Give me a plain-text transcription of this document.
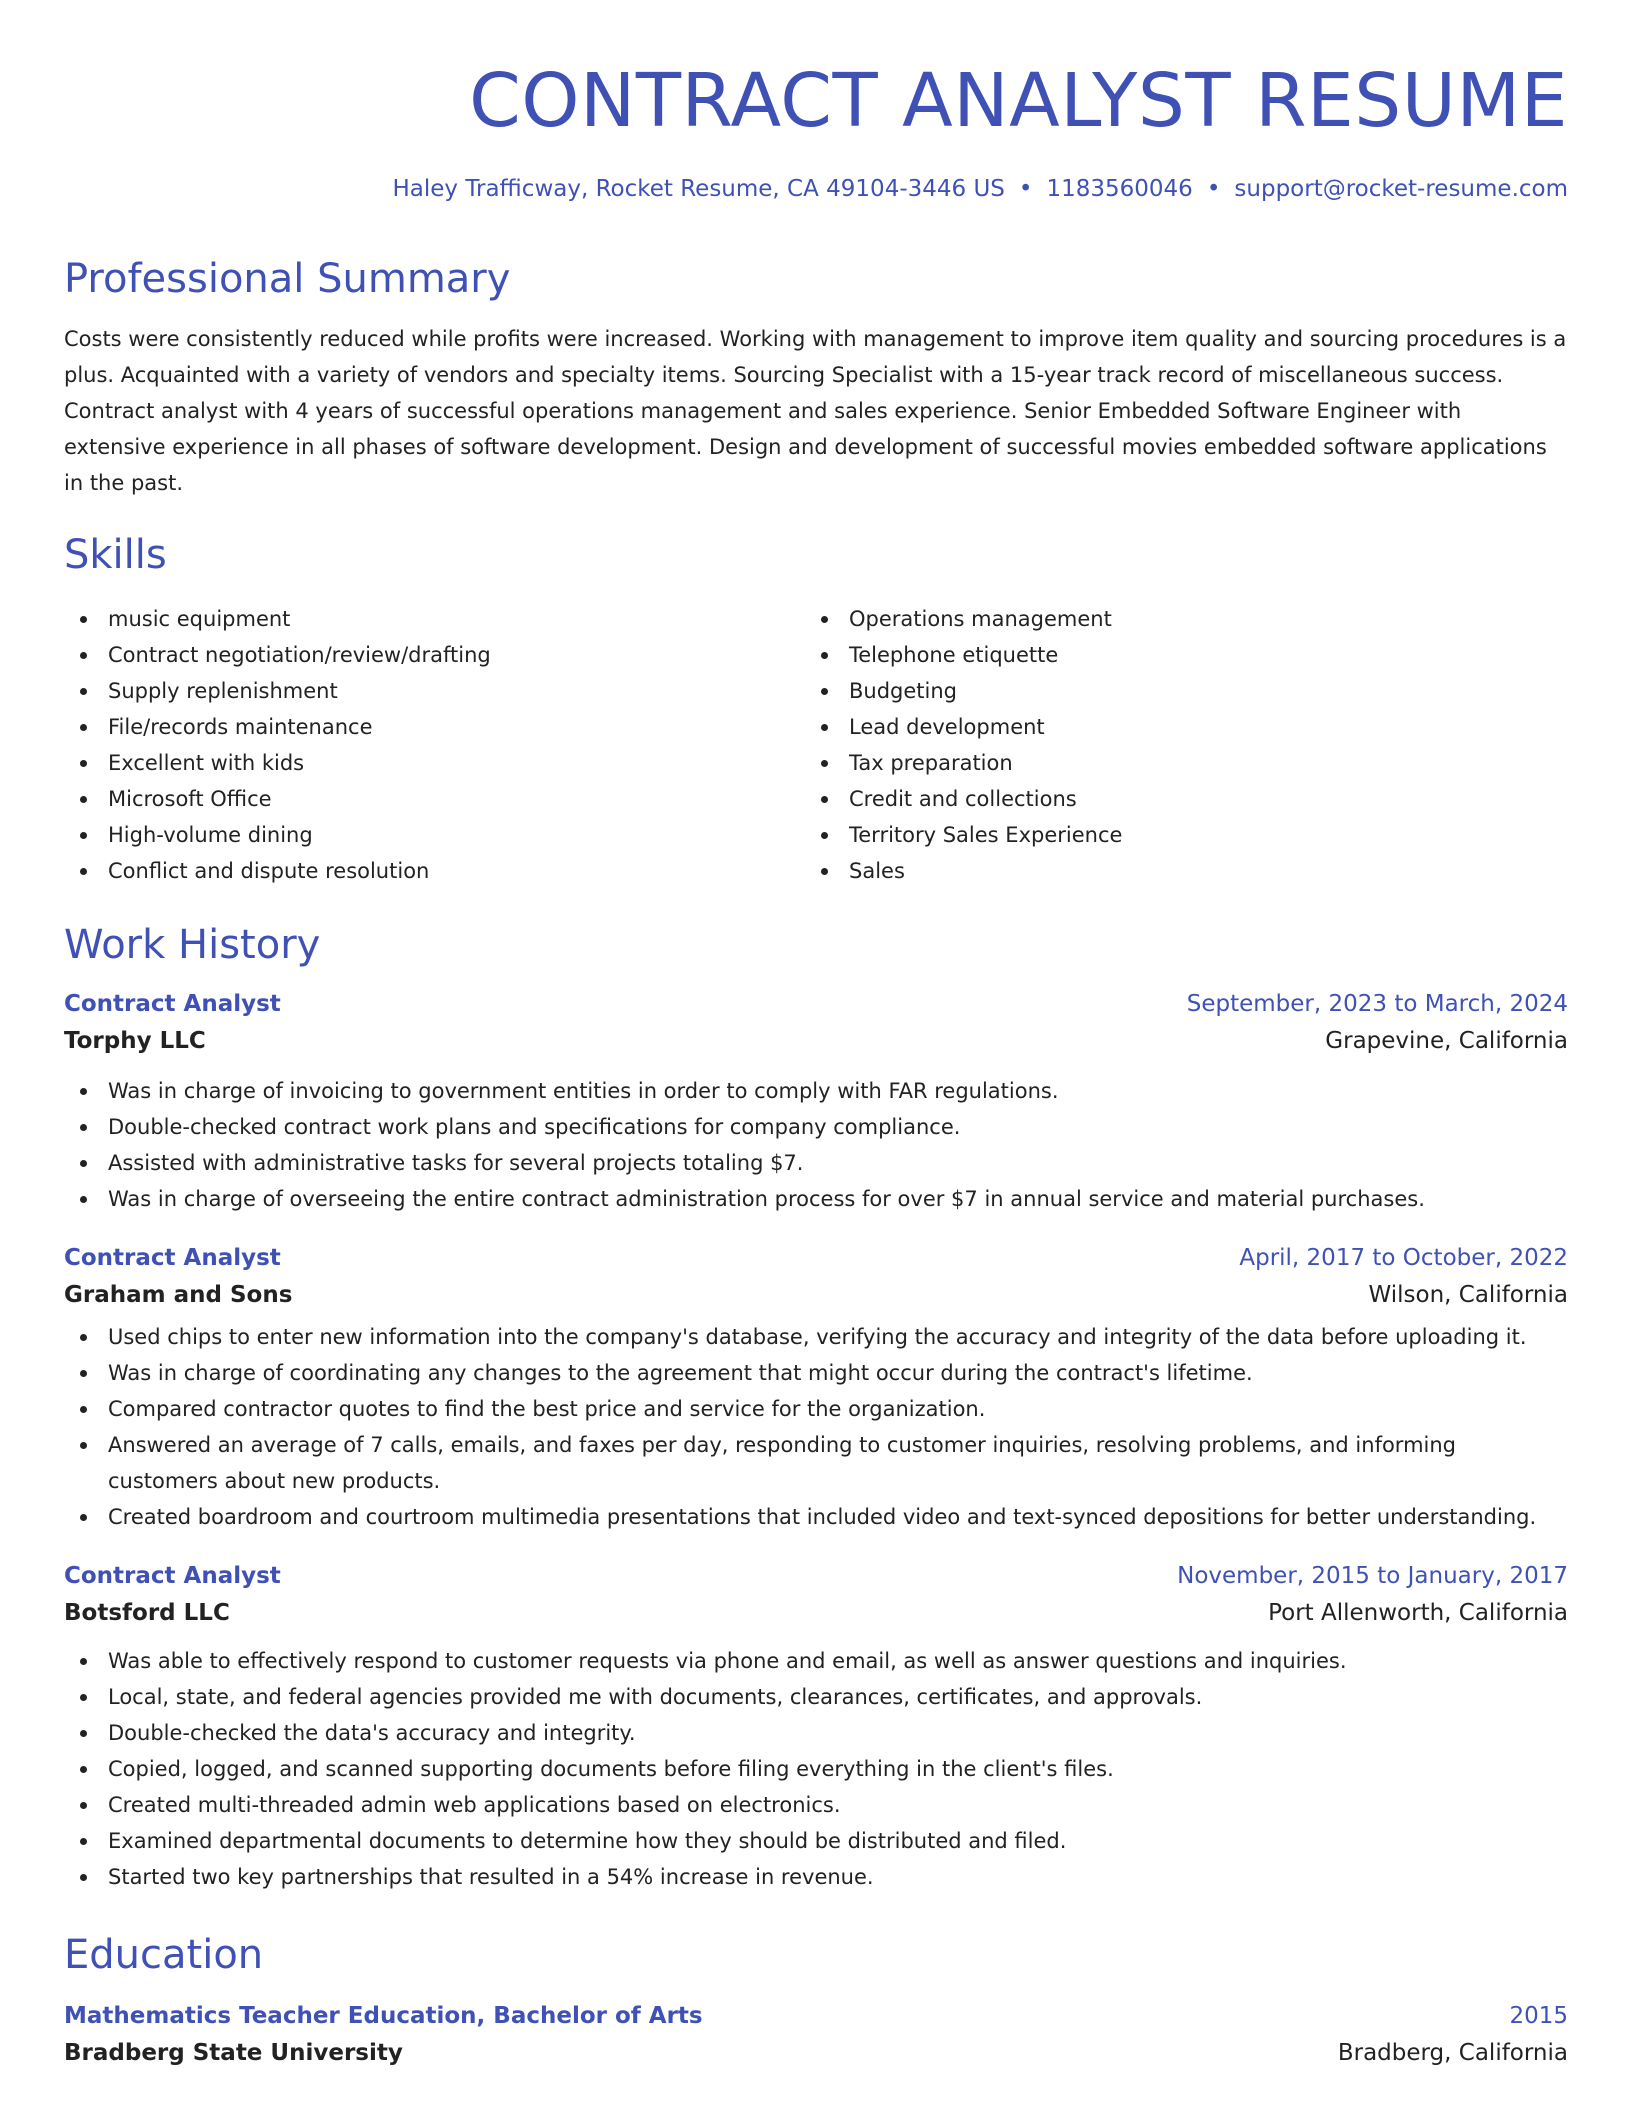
CONTRACT ANALYST RESUME
Haley Trafficway, Rocket Resume, CA 49104-3446 US • 1183560046 • support@rocket-resume.com
Professional Summary

Costs were consistently reduced while profits were increased. Working with management to improve item quality and sourcing procedures is a plus. Acquainted with a variety of vendors and specialty items. Sourcing Specialist with a 15-year track record of miscellaneous success. Contract analyst with 4 years of successful operations management and sales experience. Senior Embedded Software Engineer with extensive experience in all phases of software development. Design and development of successful movies embedded software applications in the past.

Skills
music equipment
Contract negotiation/review/drafting
Supply replenishment
File/records maintenance
Excellent with kids
Microsoft Office
High-volume dining
Conflict and dispute resolution
Operations management
Telephone etiquette
Budgeting
Lead development
Tax preparation
Credit and collections
Territory Sales Experience
Sales
Work History
Contract Analyst	September, 2023 to March, 2024
Torphy LLC	Grapevine, California
Was in charge of invoicing to government entities in order to comply with FAR regulations.
Double-checked contract work plans and specifications for company compliance.
Assisted with administrative tasks for several projects totaling $7.
Was in charge of overseeing the entire contract administration process for over $7 in annual service and material purchases.
Contract Analyst	April, 2017 to October, 2022
Graham and Sons	Wilson, California
Used chips to enter new information into the company's database, verifying the accuracy and integrity of the data before uploading it.
Was in charge of coordinating any changes to the agreement that might occur during the contract's lifetime.
Compared contractor quotes to find the best price and service for the organization.
Answered an average of 7 calls, emails, and faxes per day, responding to customer inquiries, resolving problems, and informing customers about new products.
Created boardroom and courtroom multimedia presentations that included video and text-synced depositions for better understanding.
Contract Analyst	November, 2015 to January, 2017
Botsford LLC	Port Allenworth, California
Was able to effectively respond to customer requests via phone and email, as well as answer questions and inquiries.
Local, state, and federal agencies provided me with documents, clearances, certificates, and approvals.
Double-checked the data's accuracy and integrity.
Copied, logged, and scanned supporting documents before filing everything in the client's files.
Created multi-threaded admin web applications based on electronics.
Examined departmental documents to determine how they should be distributed and filed.
Started two key partnerships that resulted in a 54% increase in revenue.
Education
Mathematics Teacher Education, Bachelor of Arts	2015
Bradberg State University	Bradberg, California
